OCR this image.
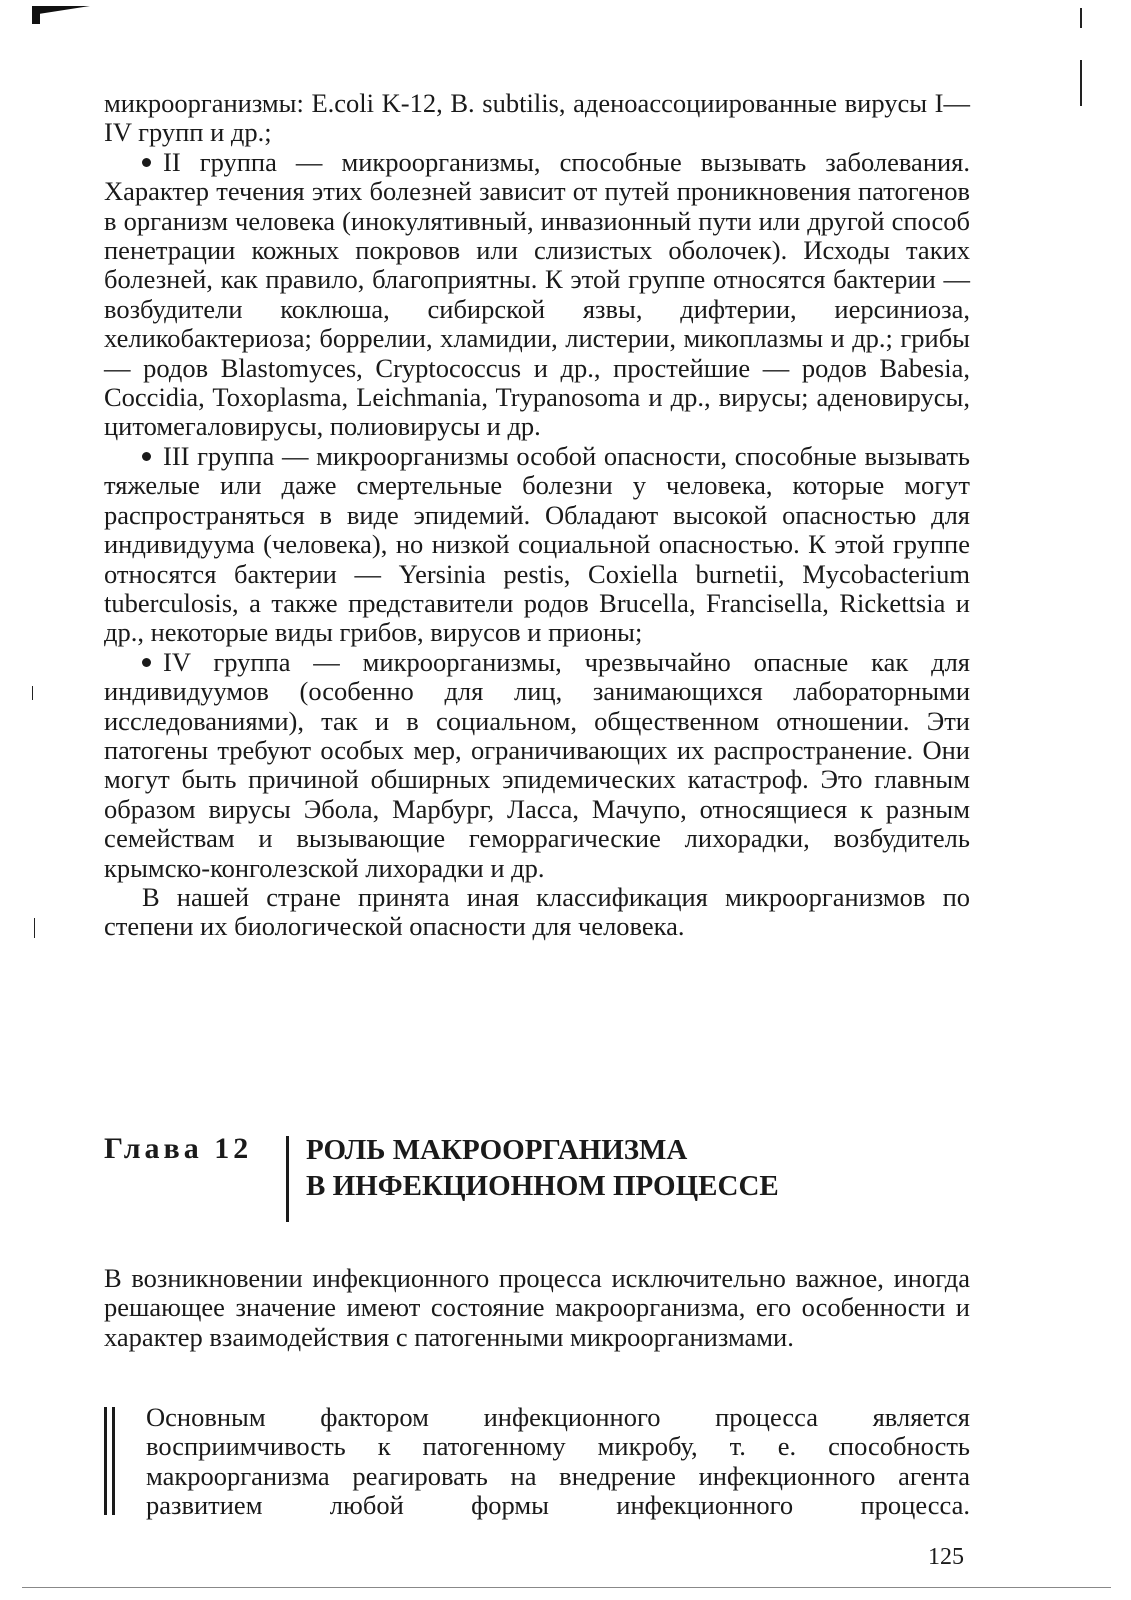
микроорганизмы: E.coli K-12, B. subtilis, аденоассоциированные вирусы I—IV групп и др.;

II группа — микроорганизмы, способные вызывать заболевания. Характер течения этих болезней зависит от путей проникновения патогенов в организм человека (инокулятивный, инвазионный пути или другой способ пенетрации кожных покровов или слизистых оболочек). Исходы таких болезней, как правило, благоприятны. К этой группе относятся бактерии — возбудители коклюша, сибирской язвы, дифтерии, иерсиниоза, хеликобактериоза; боррелии, хламидии, листерии, микоплазмы и др.; грибы — родов Blastomyces, Cryptococcus и др., простейшие — родов Babesia, Coccidia, Toxoplasma, Leichmania, Trypanosoma и др., вирусы; аденовирусы, цитомегаловирусы, полиовирусы и др.

III группа — микроорганизмы особой опасности, способные вызывать тяжелые или даже смертельные болезни у человека, которые могут распространяться в виде эпидемий. Обладают высокой опасностью для индивидуума (человека), но низкой социальной опасностью. К этой группе относятся бактерии — Yersinia pestis, Coxiella burnetii, Mycobacterium tuberculosis, а также представители родов Brucella, Francisella, Rickettsia и др., некоторые виды грибов, вирусов и прионы;

IV группа — микроорганизмы, чрезвычайно опасные как для индивидуумов (особенно для лиц, занимающихся лабораторными исследованиями), так и в социальном, общественном отношении. Эти патогены требуют особых мер, ограничивающих их распространение. Они могут быть причиной обширных эпидемических катастроф. Это главным образом вирусы Эбола, Марбург, Ласса, Мачупо, относящиеся к разным семействам и вызывающие геморрагические лихорадки, возбудитель крымско-конголезской лихорадки и др.

В нашей стране принята иная классификация микроорганизмов по степени их биологической опасности для человека.

Глава 12 РОЛЬ МАКРООРГАНИЗМА
В ИНФЕКЦИОННОМ ПРОЦЕССЕ

В возникновении инфекционного процесса исключительно важное, иногда решающее значение имеют состояние макроорганизма, его особенности и характер взаимодействия с патогенными микроорганизмами.

Основным фактором инфекционного процесса является восприимчивость к патогенному микробу, т. е. способность макроорганизма реагировать на внедрение инфекционного агента развитием любой формы инфекционного процесса.

125
